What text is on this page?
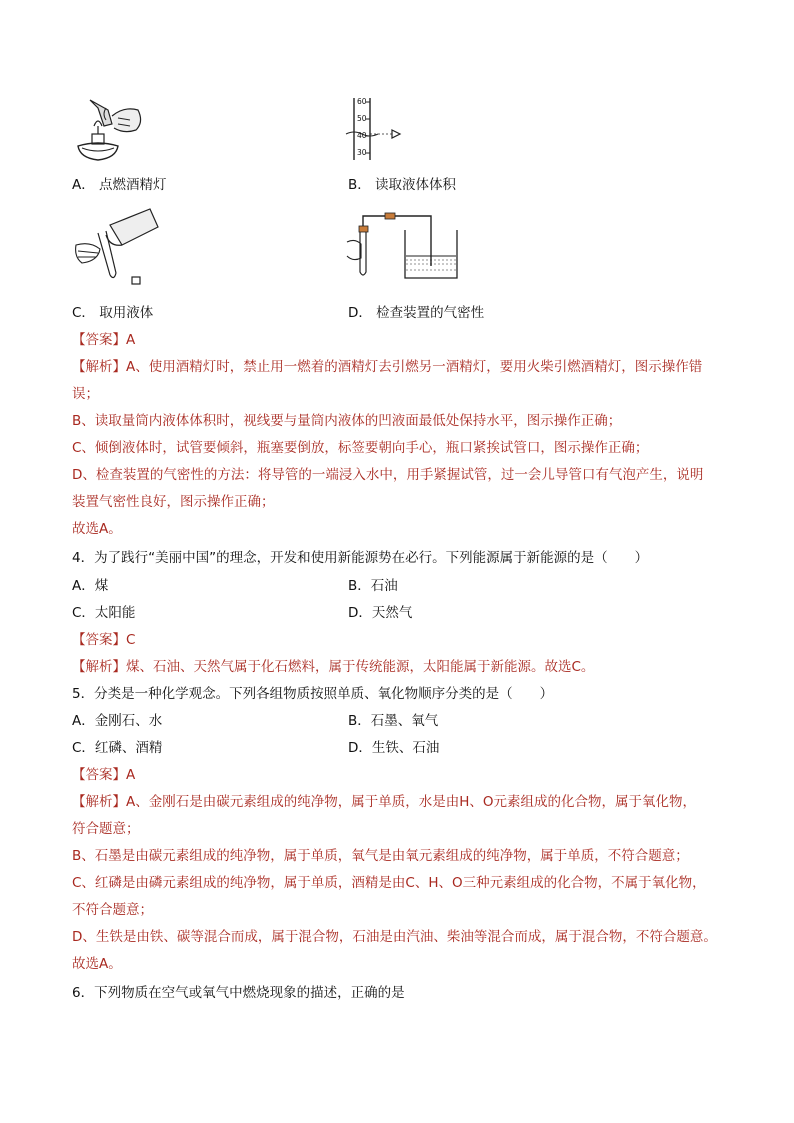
60
50
40
30
A． 点燃酒精灯	B． 读取液体体积
C． 取用液体	D． 检查装置的气密性
【答案】A
【解析】A、使用酒精灯时，禁止用一燃着的酒精灯去引燃另一酒精灯，要用火柴引燃酒精灯，图示操作错
误；
B、读取量筒内液体体积时，视线要与量筒内液体的凹液面最低处保持水平，图示操作正确；
C、倾倒液体时，试管要倾斜，瓶塞要倒放，标签要朝向手心，瓶口紧挨试管口，图示操作正确；
D、检查装置的气密性的方法：将导管的一端浸入水中，用手紧握试管，过一会儿导管口有气泡产生，说明
装置气密性良好，图示操作正确；
故选A。
4．为了践行“美丽中国”的理念，开发和使用新能源势在必行。下列能源属于新能源的是（　　）
A．煤	B．石油
C．太阳能	D．天然气
【答案】C
【解析】煤、石油、天然气属于化石燃料，属于传统能源，太阳能属于新能源。故选C。
5．分类是一种化学观念。下列各组物质按照单质、氧化物顺序分类的是（　　）
A．金刚石、水	B．石墨、氧气
C．红磷、酒精	D．生铁、石油
【答案】A
【解析】A、金刚石是由碳元素组成的纯净物，属于单质，水是由H、O元素组成的化合物，属于氧化物，
符合题意；
B、石墨是由碳元素组成的纯净物，属于单质，氧气是由氧元素组成的纯净物，属于单质，不符合题意；
C、红磷是由磷元素组成的纯净物，属于单质，酒精是由C、H、O三种元素组成的化合物，不属于氧化物，
不符合题意；
D、生铁是由铁、碳等混合而成，属于混合物，石油是由汽油、柴油等混合而成，属于混合物，不符合题意。
故选A。
6．下列物质在空气或氧气中燃烧现象的描述，正确的是
